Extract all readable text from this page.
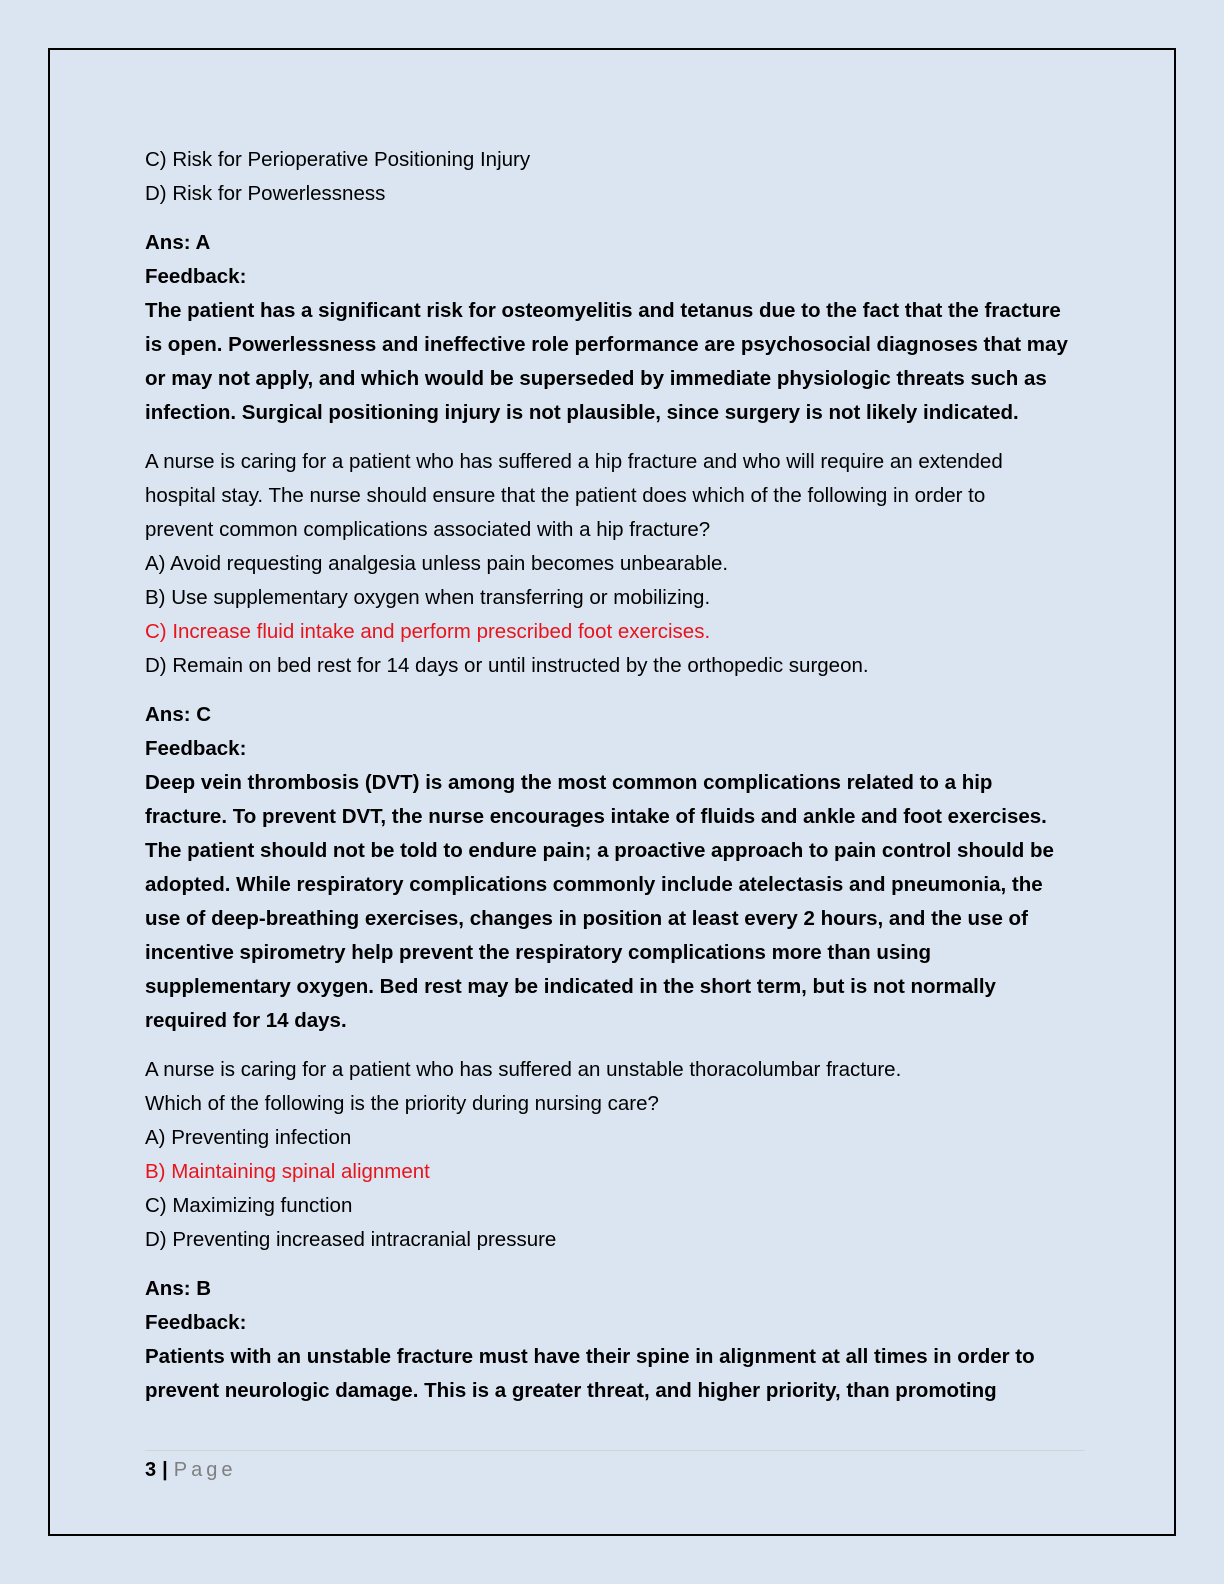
C) Risk for Perioperative Positioning Injury
D) Risk for Powerlessness
Ans: A
Feedback:
The patient has a significant risk for osteomyelitis and tetanus due to the fact that the fracture
is open. Powerlessness and ineffective role performance are psychosocial diagnoses that may
or may not apply, and which would be superseded by immediate physiologic threats such as
infection. Surgical positioning injury is not plausible, since surgery is not likely indicated.
A nurse is caring for a patient who has suffered a hip fracture and who will require an extended
hospital stay. The nurse should ensure that the patient does which of the following in order to
prevent common complications associated with a hip fracture?
A) Avoid requesting analgesia unless pain becomes unbearable.
B) Use supplementary oxygen when transferring or mobilizing.
C) Increase fluid intake and perform prescribed foot exercises.
D) Remain on bed rest for 14 days or until instructed by the orthopedic surgeon.
Ans: C
Feedback:
Deep vein thrombosis (DVT) is among the most common complications related to a hip
fracture. To prevent DVT, the nurse encourages intake of fluids and ankle and foot exercises.
The patient should not be told to endure pain; a proactive approach to pain control should be
adopted. While respiratory complications commonly include atelectasis and pneumonia, the
use of deep-breathing exercises, changes in position at least every 2 hours, and the use of
incentive spirometry help prevent the respiratory complications more than using
supplementary oxygen. Bed rest may be indicated in the short term, but is not normally
required for 14 days.
A nurse is caring for a patient who has suffered an unstable thoracolumbar fracture.
Which of the following is the priority during nursing care?
A) Preventing infection
B) Maintaining spinal alignment
C) Maximizing function
D) Preventing increased intracranial pressure
Ans: B
Feedback:
Patients with an unstable fracture must have their spine in alignment at all times in order to
prevent neurologic damage. This is a greater threat, and higher priority, than promoting
3 | Page
